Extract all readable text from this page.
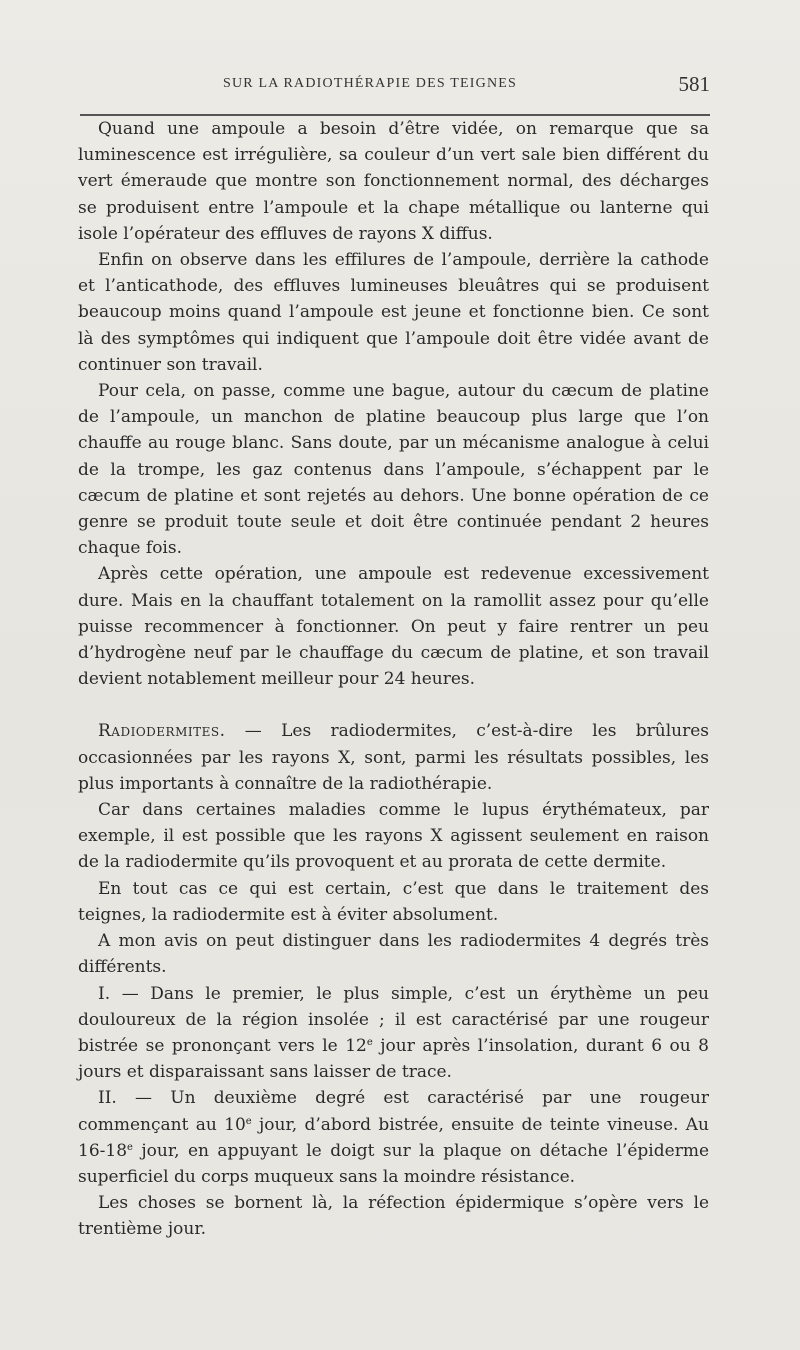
SUR LA RADIOTHÉRAPIE DES TEIGNES	581

Quand une ampoule a besoin d’être vidée, on remarque que sa luminescence est irrégulière, sa couleur d’un vert sale bien différent du vert émeraude que montre son fonctionnement normal, des décharges se produisent entre l’ampoule et la chape métallique ou lanterne qui isole l’opérateur des effluves de rayons X diffus.

Enfin on observe dans les effilures de l’ampoule, derrière la cathode et l’anticathode, des effluves lumineuses bleuâtres qui se produisent beaucoup moins quand l’ampoule est jeune et fonctionne bien. Ce sont là des symptômes qui indiquent que l’ampoule doit être vidée avant de continuer son travail.

Pour cela, on passe, comme une bague, autour du cæcum de platine de l’ampoule, un manchon de platine beaucoup plus large que l’on chauffe au rouge blanc. Sans doute, par un mécanisme analogue à celui de la trompe, les gaz contenus dans l’ampoule, s’échappent par le cæcum de platine et sont rejetés au dehors. Une bonne opération de ce genre se produit toute seule et doit être continuée pendant 2 heures chaque fois.

Après cette opération, une ampoule est redevenue excessivement dure. Mais en la chauffant totalement on la ramollit assez pour qu’elle puisse recommencer à fonctionner. On peut y faire rentrer un peu d’hydrogène neuf par le chauffage du cæcum de platine, et son travail devient notablement meilleur pour 24 heures.

Radiodermites. — Les radiodermites, c’est-à-dire les brûlures occasionnées par les rayons X, sont, parmi les résultats possibles, les plus importants à connaître de la radiothérapie.

Car dans certaines maladies comme le lupus érythémateux, par exemple, il est possible que les rayons X agissent seulement en raison de la radiodermite qu’ils provoquent et au prorata de cette dermite.

En tout cas ce qui est certain, c’est que dans le traitement des teignes, la radiodermite est à éviter absolument.

A mon avis on peut distinguer dans les radiodermites 4 degrés très différents.

I. — Dans le premier, le plus simple, c’est un érythème un peu douloureux de la région insolée ; il est caractérisé par une rougeur bistrée se prononçant vers le 12e jour après l’insolation, durant 6 ou 8 jours et disparaissant sans laisser de trace.

II. — Un deuxième degré est caractérisé par une rougeur commençant au 10e jour, d’abord bistrée, ensuite de teinte vineuse. Au 16-18e jour, en appuyant le doigt sur la plaque on détache l’épiderme superficiel du corps muqueux sans la moindre résistance.

Les choses se bornent là, la réfection épidermique s’opère vers le trentième jour.
